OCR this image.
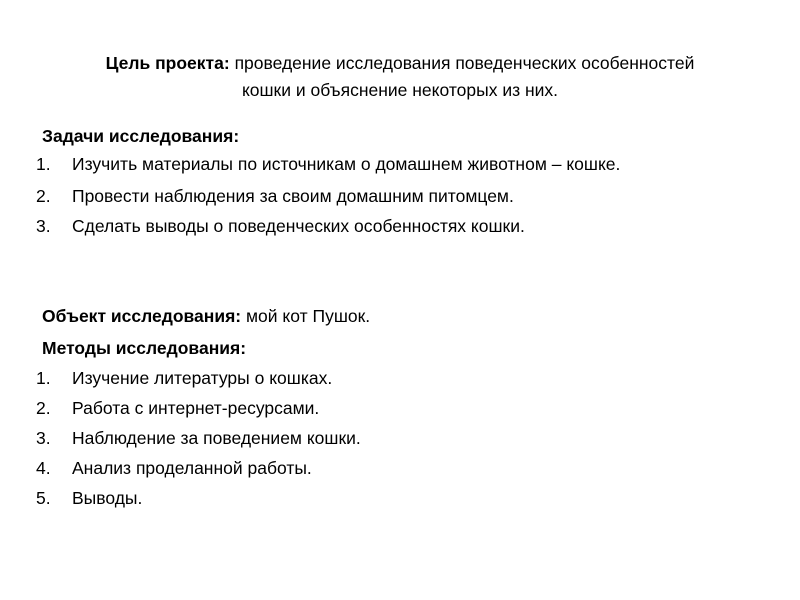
Цель проекта: проведение исследования поведенческих особенностей кошки и объяснение некоторых из них.
Задачи исследования:
1. Изучить материалы по источникам о домашнем животном – кошке.
2. Провести наблюдения за своим домашним питомцем.
3. Сделать выводы о поведенческих особенностях кошки.
Объект исследования: мой кот Пушок.
Методы исследования:
1. Изучение литературы о кошках.
2. Работа с интернет-ресурсами.
3. Наблюдение за поведением кошки.
4. Анализ проделанной работы.
5. Выводы.
